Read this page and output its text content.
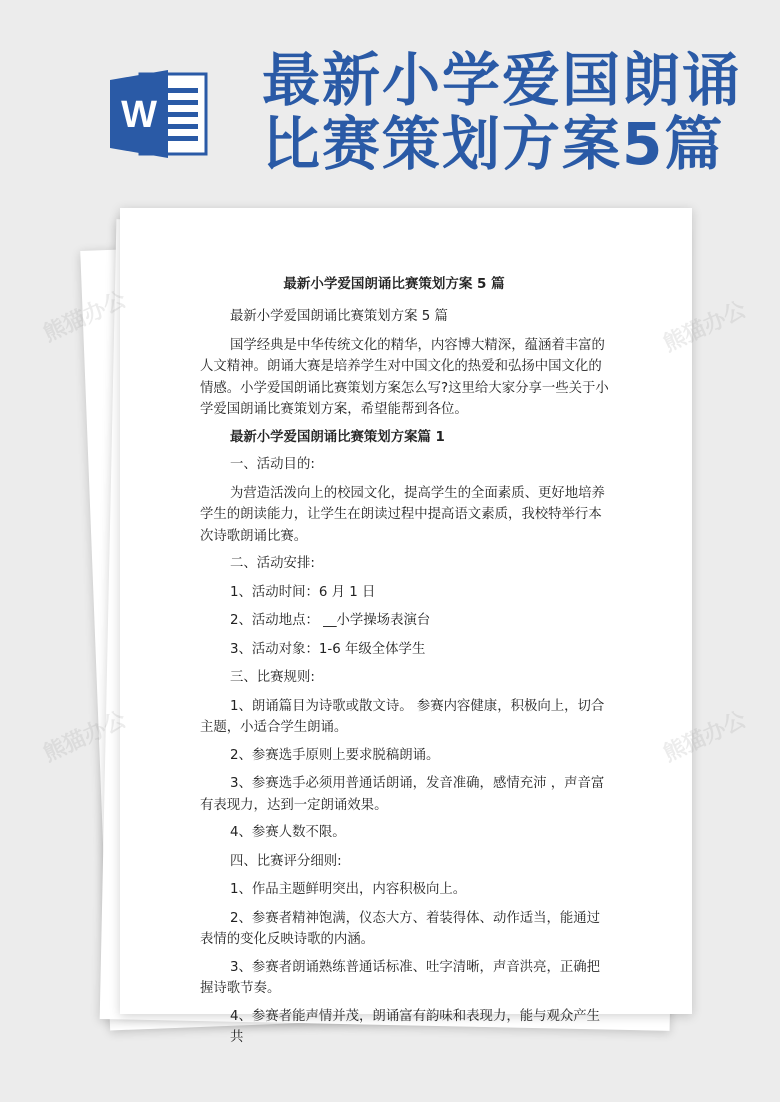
W
最新小学爱国朗诵
比赛策划方案5篇
最新小学爱国朗诵比赛策划方案 5 篇
最新小学爱国朗诵比赛策划方案 5 篇
国学经典是中华传统文化的精华，内容博大精深，蕴涵着丰富的人文精神。朗诵大赛是培养学生对中国文化的热爱和弘扬中国文化的情感。小学爱国朗诵比赛策划方案怎么写?这里给大家分享一些关于小学爱国朗诵比赛策划方案，希望能帮到各位。
最新小学爱国朗诵比赛策划方案篇 1
一、活动目的:
为营造活泼向上的校园文化，提高学生的全面素质、更好地培养学生的朗读能力，让学生在朗读过程中提高语文素质，我校特举行本次诗歌朗诵比赛。
二、活动安排:
1、活动时间：6 月 1 日
2、活动地点： __小学操场表演台
3、活动对象：1-6 年级全体学生
三、比赛规则:
1、朗诵篇目为诗歌或散文诗。 参赛内容健康，积极向上，切合主题，小适合学生朗诵。
2、参赛选手原则上要求脱稿朗诵。
3、参赛选手必须用普通话朗诵，发音准确，感情充沛 ，声音富有表现力，达到一定朗诵效果。
4、参赛人数不限。
四、比赛评分细则:
1、作品主题鲜明突出，内容积极向上。
2、参赛者精神饱满，仪态大方、着装得体、动作适当，能通过表情的变化反映诗歌的内涵。
3、参赛者朗诵熟练普通话标准、吐字清晰，声音洪亮，正确把握诗歌节奏。
4、参赛者能声情并茂，朗诵富有韵味和表现力，能与观众产生共
熊猫办公
熊猫办公	熊猫办公
